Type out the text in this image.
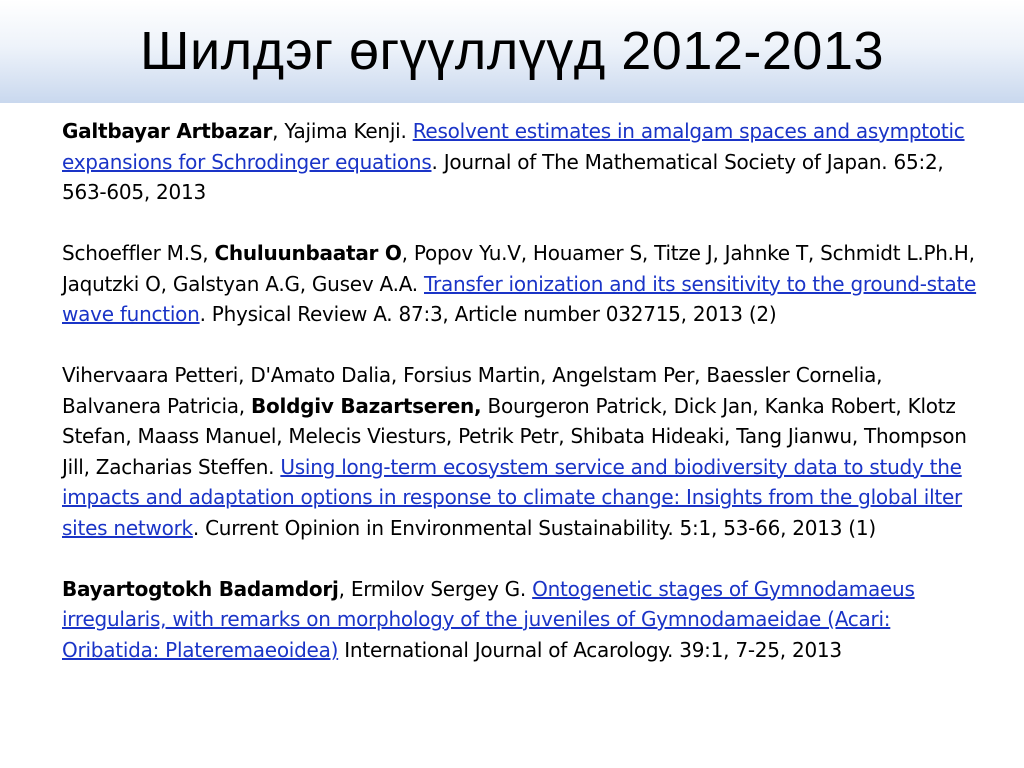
Шилдэг өгүүллүүд 2012-2013

Galtbayar Artbazar, Yajima Kenji. Resolvent estimates in amalgam spaces and asymptotic expansions for Schrodinger equations. Journal of The Mathematical Society of Japan. 65:2, 563-605, 2013

Schoeffler M.S, Chuluunbaatar O, Popov Yu.V, Houamer S, Titze J, Jahnke T, Schmidt L.Ph.H, Jaqutzki O, Galstyan A.G, Gusev A.A. Transfer ionization and its sensitivity to the ground-state wave function. Physical Review A. 87:3, Article number 032715, 2013 (2)

Vihervaara Petteri, D'Amato Dalia, Forsius Martin, Angelstam Per, Baessler Cornelia, Balvanera Patricia, Boldgiv Bazartseren, Bourgeron Patrick, Dick Jan, Kanka Robert, Klotz Stefan, Maass Manuel, Melecis Viesturs, Petrik Petr, Shibata Hideaki, Tang Jianwu, Thompson Jill, Zacharias Steffen. Using long-term ecosystem service and biodiversity data to study the impacts and adaptation options in response to climate change: Insights from the global ilter sites network. Current Opinion in Environmental Sustainability. 5:1, 53-66, 2013 (1)

Bayartogtokh Badamdorj, Ermilov Sergey G. Ontogenetic stages of Gymnodamaeus irregularis, with remarks on morphology of the juveniles of Gymnodamaeidae (Acari: Oribatida: Plateremaeoidea) International Journal of Acarology. 39:1, 7-25, 2013
